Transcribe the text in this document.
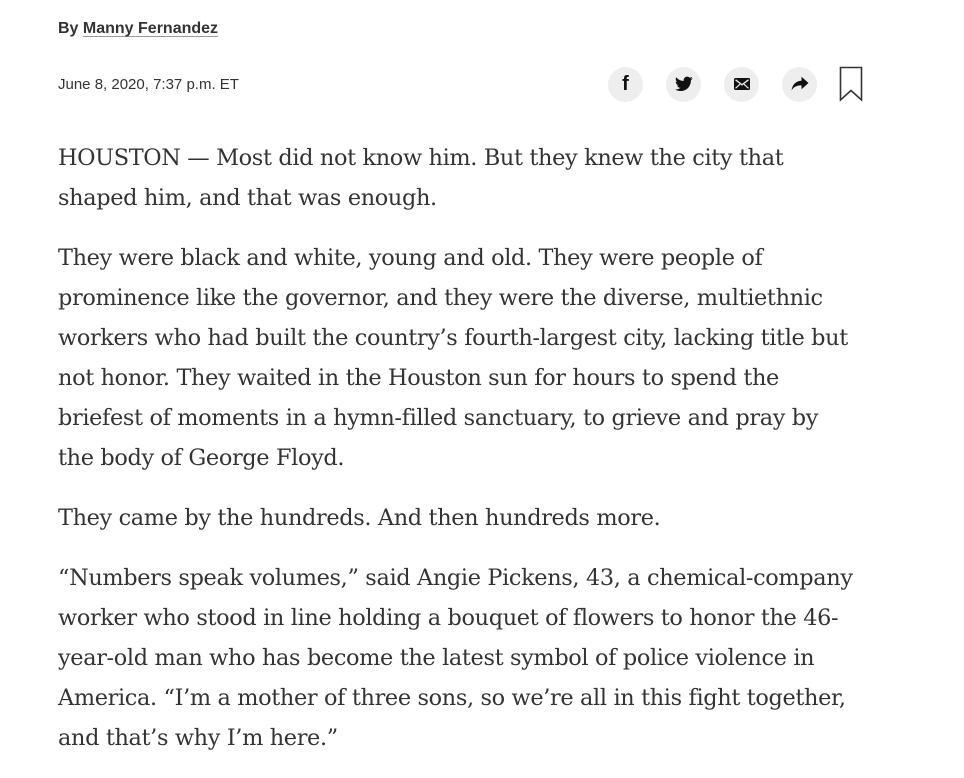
By Manny Fernandez
June 8, 2020, 7:37 p.m. ET	f

HOUSTON — Most did not know him. But they knew the city that shaped him, and that was enough.

They were black and white, young and old. They were people of prominence like the governor, and they were the diverse, multiethnic workers who had built the country’s fourth-largest city, lacking title but not honor. They waited in the Houston sun for hours to spend the briefest of moments in a hymn-filled sanctuary, to grieve and pray by the body of George Floyd.

They came by the hundreds. And then hundreds more.

“Numbers speak volumes,” said Angie Pickens, 43, a chemical-company worker who stood in line holding a bouquet of flowers to honor the 46-year-old man who has become the latest symbol of police violence in America. “I’m a mother of three sons, so we’re all in this fight together, and that’s why I’m here.”
